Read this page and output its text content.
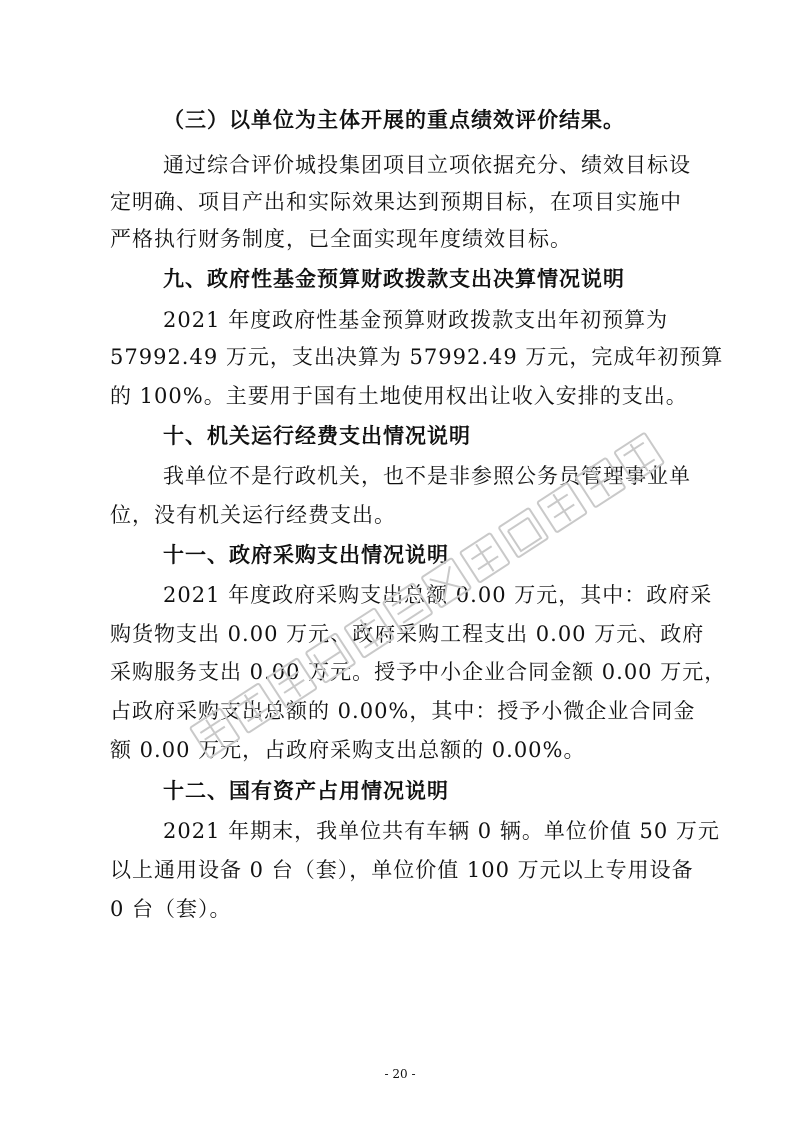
（三）以单位为主体开展的重点绩效评价结果。
通过综合评价城投集团项目立项依据充分、绩效目标设
定明确、项目产出和实际效果达到预期目标，在项目实施中
严格执行财务制度，已全面实现年度绩效目标。
九、政府性基金预算财政拨款支出决算情况说明
2021 年度政府性基金预算财政拨款支出年初预算为
57992.49 万元，支出决算为 57992.49 万元，完成年初预算
的 100%。主要用于国有土地使用权出让收入安排的支出。
十、机关运行经费支出情况说明
我单位不是行政机关，也不是非参照公务员管理事业单
位，没有机关运行经费支出。
十一、政府采购支出情况说明
2021 年度政府采购支出总额 0.00 万元，其中：政府采
购货物支出 0.00 万元、政府采购工程支出 0.00 万元、政府
采购服务支出 0.00 万元。授予中小企业合同金额 0.00 万元，
占政府采购支出总额的 0.00%，其中：授予小微企业合同金
额 0.00 万元，占政府采购支出总额的 0.00%。
十二、国有资产占用情况说明
2021 年期末，我单位共有车辆 0 辆。单位价值 50 万元
以上通用设备 0 台（套），单位价值 100 万元以上专用设备
0 台（套）。
- 20 -
